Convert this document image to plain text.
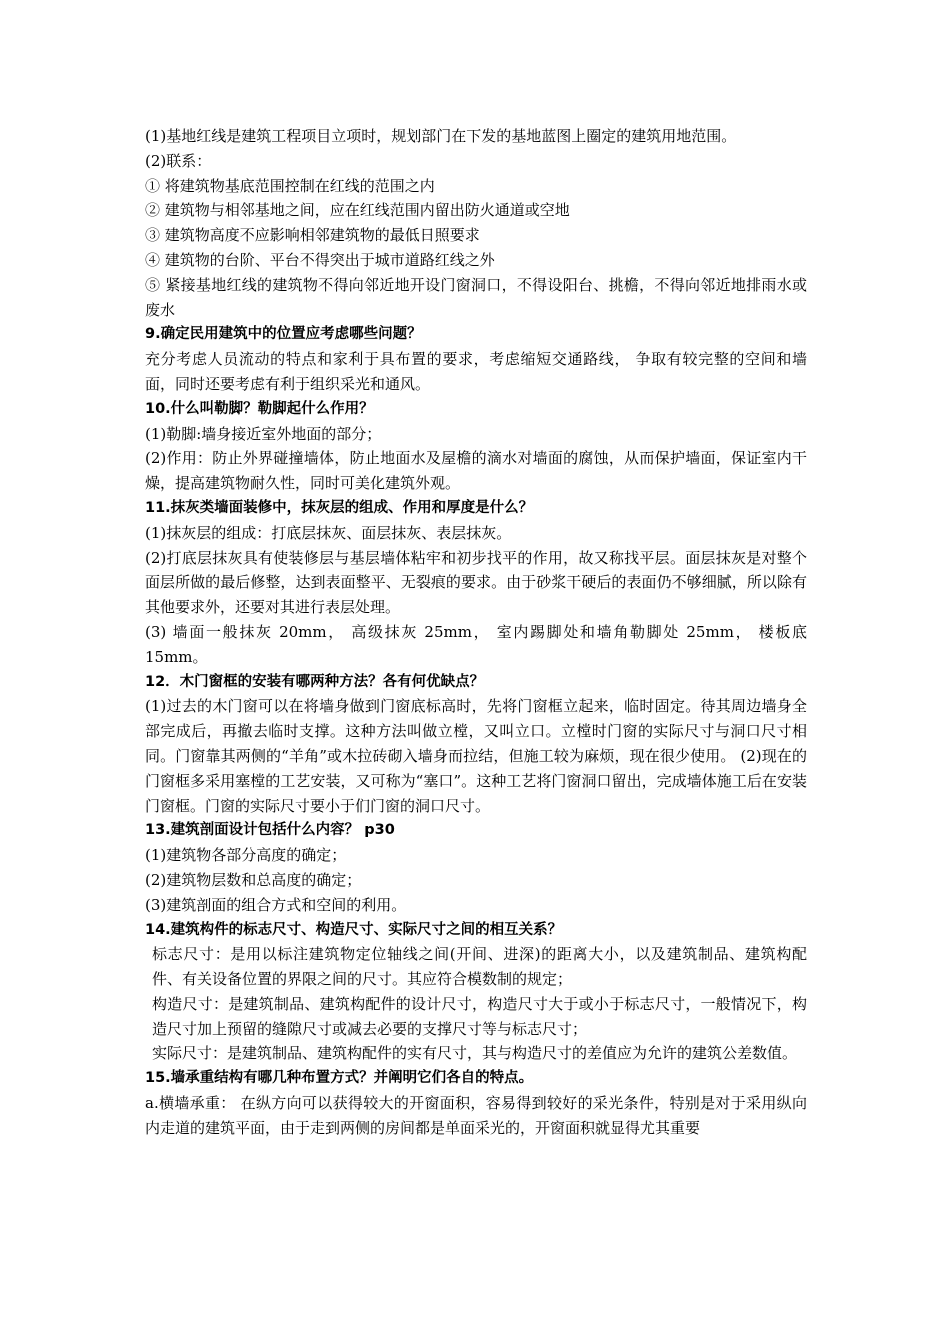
(1)基地红线是建筑工程项目立项时，规划部门在下发的基地蓝图上圈定的建筑用地范围。
(2)联系：
① 将建筑物基底范围控制在红线的范围之内
② 建筑物与相邻基地之间，应在红线范围内留出防火通道或空地
③ 建筑物高度不应影响相邻建筑物的最低日照要求
④ 建筑物的台阶、平台不得突出于城市道路红线之外
⑤ 紧接基地红线的建筑物不得向邻近地开设门窗洞口，不得设阳台、挑檐，不得向邻近地排雨水或废水
9.确定民用建筑中的位置应考虑哪些问题？
充分考虑人员流动的特点和家利于具布置的要求，考虑缩短交通路线， 争取有较完整的空间和墙面，同时还要考虑有利于组织采光和通风。
10.什么叫勒脚？勒脚起什么作用？
(1)勒脚:墙身接近室外地面的部分；
(2)作用：防止外界碰撞墙体，防止地面水及屋檐的滴水对墙面的腐蚀，从而保护墙面，保证室内干燥，提高建筑物耐久性，同时可美化建筑外观。
11.抹灰类墙面装修中，抹灰层的组成、作用和厚度是什么？
(1)抹灰层的组成：打底层抹灰、面层抹灰、表层抹灰。
(2)打底层抹灰具有使装修层与基层墙体粘牢和初步找平的作用，故又称找平层。面层抹灰是对整个面层所做的最后修整，达到表面整平、无裂痕的要求。由于砂浆干硬后的表面仍不够细腻，所以除有其他要求外，还要对其进行表层处理。
(3) 墙面一般抹灰 20mm， 高级抹灰 25mm， 室内踢脚处和墙角勒脚处 25mm， 楼板底15mm。
12．木门窗框的安装有哪两种方法？各有何优缺点？
(1)过去的木门窗可以在将墙身做到门窗底标高时，先将门窗框立起来，临时固定。待其周边墙身全部完成后，再撤去临时支撑。这种方法叫做立樘，又叫立口。立樘时门窗的实际尺寸与洞口尺寸相同。门窗靠其两侧的“羊角”或木拉砖砌入墙身而拉结，但施工较为麻烦，现在很少使用。 (2)现在的门窗框多采用塞樘的工艺安装，又可称为“塞口”。这种工艺将门窗洞口留出，完成墙体施工后在安装门窗框。门窗的实际尺寸要小于们门窗的洞口尺寸。
13.建筑剖面设计包括什么内容？ p30
(1)建筑物各部分高度的确定；
(2)建筑物层数和总高度的确定；
(3)建筑剖面的组合方式和空间的利用。
14.建筑构件的标志尺寸、构造尺寸、实际尺寸之间的相互关系？
标志尺寸：是用以标注建筑物定位轴线之间(开间、进深)的距离大小，以及建筑制品、建筑构配件、有关设备位置的界限之间的尺寸。其应符合模数制的规定；
构造尺寸：是建筑制品、建筑构配件的设计尺寸，构造尺寸大于或小于标志尺寸，一般情况下，构造尺寸加上预留的缝隙尺寸或减去必要的支撑尺寸等与标志尺寸；
实际尺寸：是建筑制品、建筑构配件的实有尺寸，其与构造尺寸的差值应为允许的建筑公差数值。
15.墙承重结构有哪几种布置方式？并阐明它们各自的特点。
a.横墙承重： 在纵方向可以获得较大的开窗面积，容易得到较好的采光条件，特别是对于采用纵向内走道的建筑平面，由于走到两侧的房间都是单面采光的，开窗面积就显得尤其重要
